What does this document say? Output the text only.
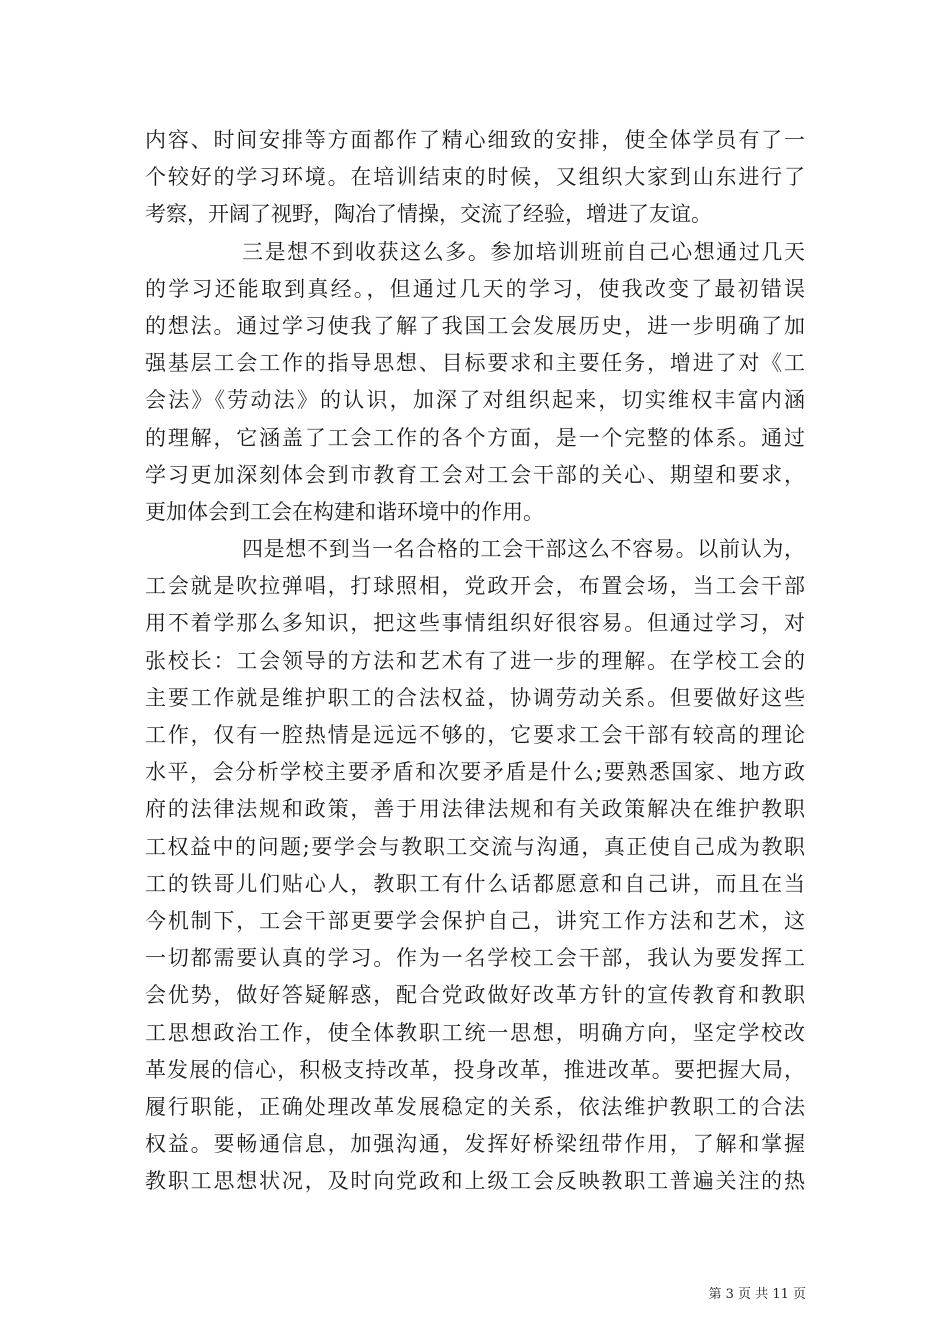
内容、时间安排等方面都作了精心细致的安排，使全体学员有了一
个较好的学习环境。在培训结束的时候，又组织大家到山东进行了
考察，开阔了视野，陶冶了情操，交流了经验，增进了友谊。
三是想不到收获这么多。参加培训班前自己心想通过几天
的学习还能取到真经。，但通过几天的学习，使我改变了最初错误
的想法。通过学习使我了解了我国工会发展历史，进一步明确了加
强基层工会工作的指导思想、目标要求和主要任务，增进了对《工
会法》《劳动法》的认识，加深了对组织起来，切实维权丰富内涵
的理解，它涵盖了工会工作的各个方面，是一个完整的体系。通过
学习更加深刻体会到市教育工会对工会干部的关心、期望和要求，
更加体会到工会在构建和谐环境中的作用。
四是想不到当一名合格的工会干部这么不容易。以前认为，
工会就是吹拉弹唱，打球照相，党政开会，布置会场，当工会干部
用不着学那么多知识，把这些事情组织好很容易。但通过学习，对
张校长：工会领导的方法和艺术有了进一步的理解。在学校工会的
主要工作就是维护职工的合法权益，协调劳动关系。但要做好这些
工作，仅有一腔热情是远远不够的，它要求工会干部有较高的理论
水平，会分析学校主要矛盾和次要矛盾是什么;要熟悉国家、地方政
府的法律法规和政策，善于用法律法规和有关政策解决在维护教职
工权益中的问题;要学会与教职工交流与沟通，真正使自己成为教职
工的铁哥儿们贴心人，教职工有什么话都愿意和自己讲，而且在当
今机制下，工会干部更要学会保护自己，讲究工作方法和艺术，这
一切都需要认真的学习。作为一名学校工会干部，我认为要发挥工
会优势，做好答疑解惑，配合党政做好改革方针的宣传教育和教职
工思想政治工作，使全体教职工统一思想，明确方向，坚定学校改
革发展的信心，积极支持改革，投身改革，推进改革。要把握大局，
履行职能，正确处理改革发展稳定的关系，依法维护教职工的合法
权益。要畅通信息，加强沟通，发挥好桥梁纽带作用，了解和掌握
教职工思想状况，及时向党政和上级工会反映教职工普遍关注的热
第 3 页 共 11 页
